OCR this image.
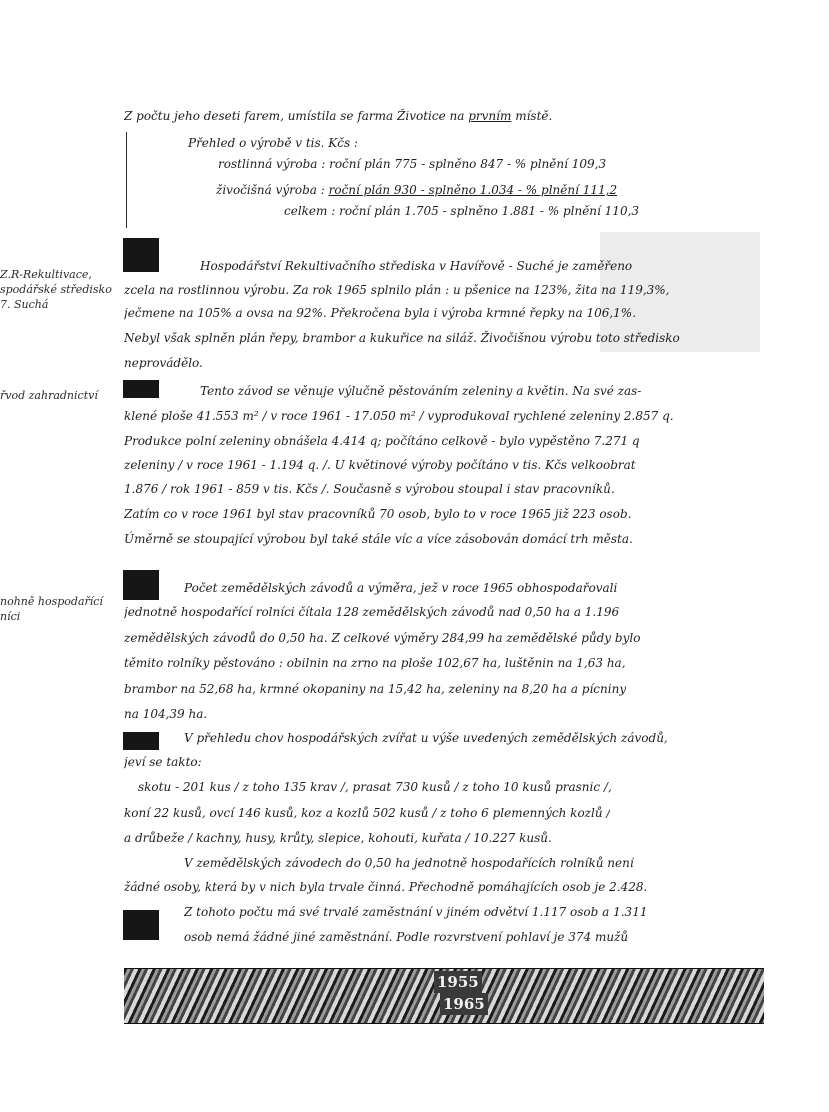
Z.R-Rekultivace,
spodářské středisko
7. Suchá
řvod zahradnictví
nohně hospodařící
níci
Z počtu jeho deseti farem, umístila se farma Životice na prvním místě.
Přehled o výrobě v tis. Kčs :
rostlinná výroba : roční plán 775 - splněno 847 - % plnění 109,3
živočišná výroba : roční plán 930 - splněno 1.034 - % plnění 111,2
celkem : roční plán 1.705 - splněno 1.881 - % plnění 110,3
Hospodářství Rekultivačního střediska v Havířově - Suché je zaměřeno
zcela na rostlinnou výrobu. Za rok 1965 splnilo plán : u pšenice na 123%, žita na 119,3%,
ječmene na 105% a ovsa na 92%. Překročena byla i výroba krmné řepky na 106,1%.
Nebyl však splněn plán řepy, brambor a kukuřice na siláž. Živočišnou výrobu toto středisko
neprovádělo.
Tento závod se věnuje výlučně pěstováním zeleniny a květin. Na své zas-
klené ploše 41.553 m² / v roce 1961 - 17.050 m² / vyprodukoval rychlené zeleniny 2.857 q.
Produkce polní zeleniny obnášela 4.414 q; počítáno celkově - bylo vypěstěno 7.271 q
zeleniny / v roce 1961 - 1.194 q. /. U květinové výroby počítáno v tis. Kčs velkoobrat
1.876 / rok 1961 - 859 v tis. Kčs /. Současně s výrobou stoupal i stav pracovníků.
Zatím co v roce 1961 byl stav pracovníků 70 osob, bylo to v roce 1965 již 223 osob.
Úměrně se stoupající výrobou byl také stále víc a více zásobován domácí trh města.
Počet zemědělských závodů a výměra, jež v roce 1965 obhospodařovali
jednotně hospodařící rolníci čítala 128 zemědělských závodů nad 0,50 ha a 1.196
zemědělských závodů do 0,50 ha. Z celkové výměry 284,99 ha zemědělské půdy bylo
těmito rolníky pěstováno : obilnin na zrno na ploše 102,67 ha, luštěnin na 1,63 ha,
brambor na 52,68 ha, krmné okopaniny na 15,42 ha, zeleniny na 8,20 ha a pícniny
na 104,39 ha.
V přehledu chov hospodářských zvířat u výše uvedených zemědělských závodů,
jeví se takto:
skotu - 201 kus / z toho 135 krav /, prasat 730 kusů / z toho 10 kusů prasnic /,
koní 22 kusů, ovcí 146 kusů, koz a kozlů 502 kusů / z toho 6 plemenných kozlů /
a drůbeže / kachny, husy, krůty, slepice, kohouti, kuřata / 10.227 kusů.
V zemědělských závodech do 0,50 ha jednotně hospodařících rolníků není
žádné osoby, která by v nich byla trvale činná. Přechodně pomáhajících osob je 2.428.
Z tohoto počtu má své trvalé zaměstnání v jiném odvětví 1.117 osob a 1.311
osob nemá žádné jiné zaměstnání. Podle rozvrstvení pohlaví je 374 mužů
1955
1965
